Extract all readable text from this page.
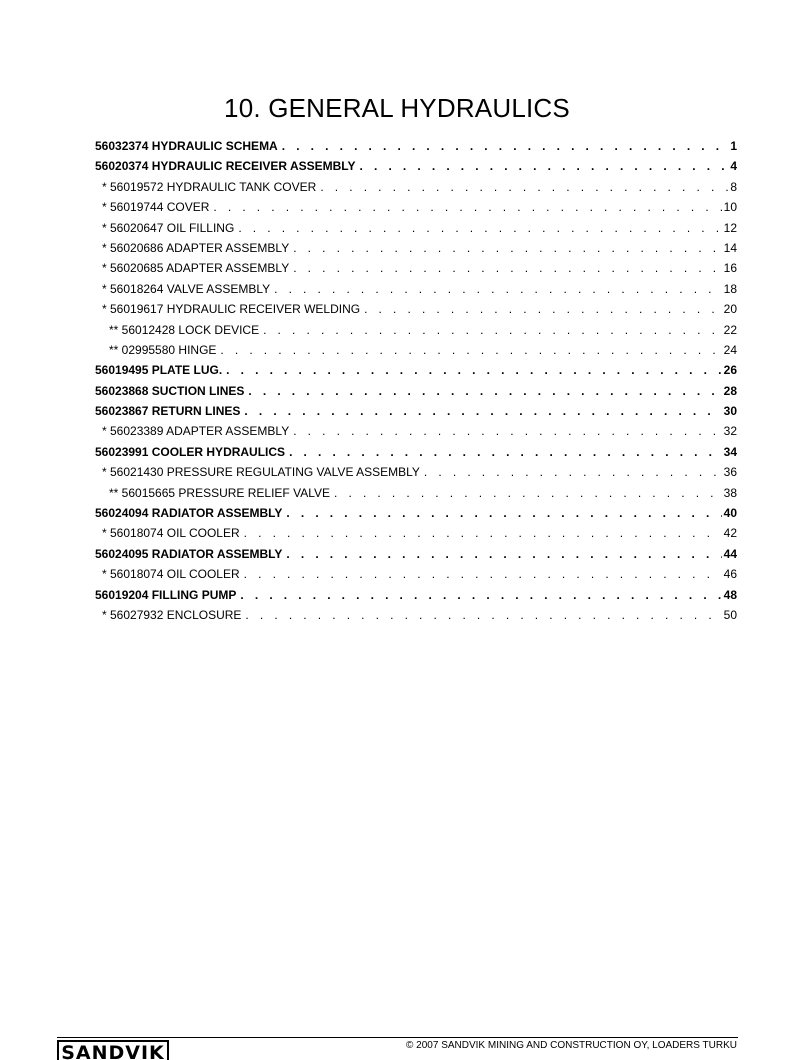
10. GENERAL HYDRAULICS
56032374 HYDRAULIC SCHEMA . . .	1
56020374 HYDRAULIC RECEIVER ASSEMBLY . . .	4
* 56019572 HYDRAULIC TANK COVER . . .	8
* 56019744 COVER . . .	10
* 56020647 OIL FILLING . . .	12
* 56020686 ADAPTER ASSEMBLY . . .	14
* 56020685 ADAPTER ASSEMBLY . . .	16
* 56018264 VALVE ASSEMBLY . . .	18
* 56019617 HYDRAULIC RECEIVER WELDING . . .	20
** 56012428 LOCK DEVICE . . .	22
** 02995580 HINGE . . .	24
56019495 PLATE LUG. . . .	26
56023868 SUCTION LINES . . .	28
56023867 RETURN LINES . . .	30
* 56023389 ADAPTER ASSEMBLY . . .	32
56023991 COOLER HYDRAULICS . . .	34
* 56021430 PRESSURE REGULATING VALVE ASSEMBLY . . .	36
** 56015665 PRESSURE RELIEF VALVE . . .	38
56024094 RADIATOR ASSEMBLY . . .	40
* 56018074 OIL COOLER . . .	42
56024095 RADIATOR ASSEMBLY . . .	44
* 56018074 OIL COOLER . . .	46
56019204 FILLING PUMP . . .	48
* 56027932 ENCLOSURE . . .	50
SANDVIK	© 2007 SANDVIK MINING AND CONSTRUCTION OY, LOADERS TURKU
